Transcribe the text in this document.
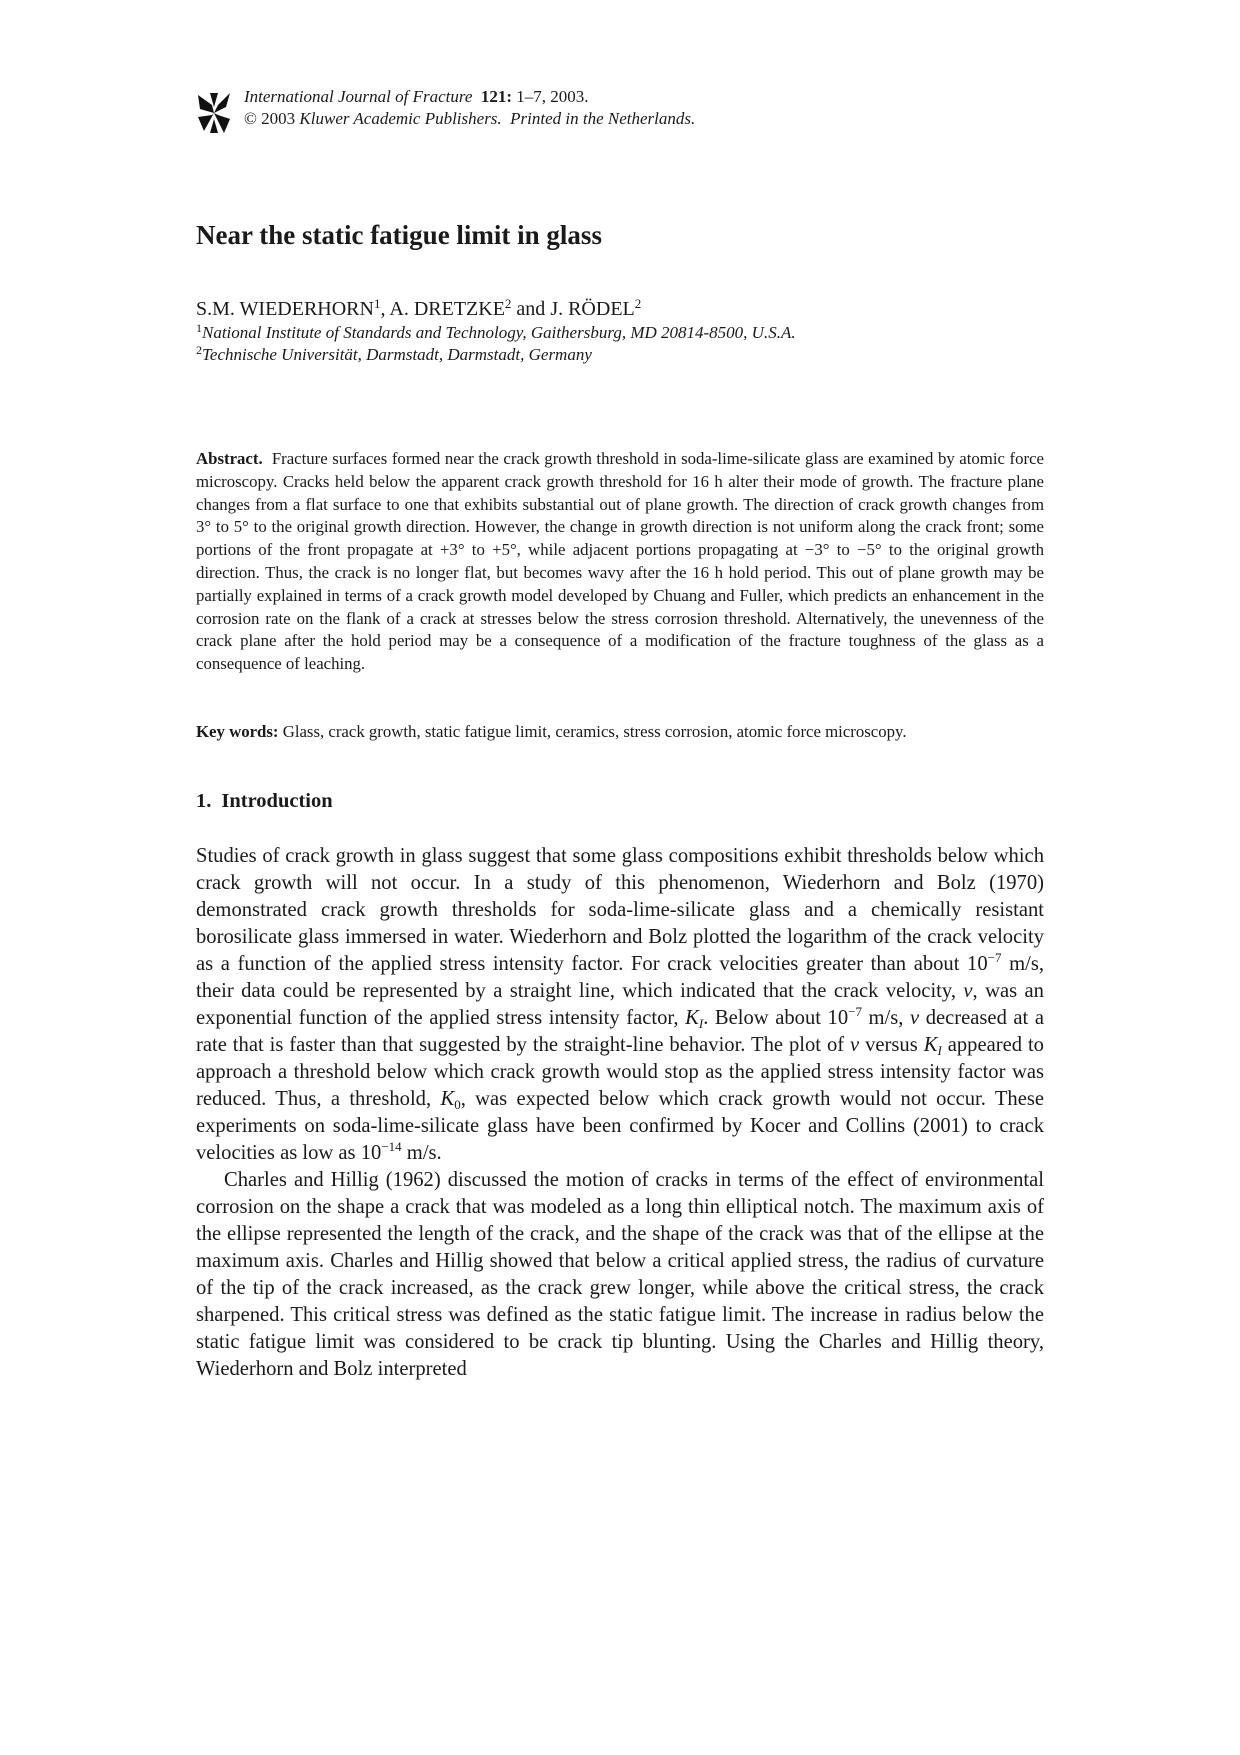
International Journal of Fracture 121: 1–7, 2003.
© 2003 Kluwer Academic Publishers. Printed in the Netherlands.
Near the static fatigue limit in glass
S.M. WIEDERHORN$^1$, A. DRETZKE$^2$ and J. RÖDEL$^2$
$^1$National Institute of Standards and Technology, Gaithersburg, MD 20814-8500, U.S.A.
$^2$Technische Universität, Darmstadt, Darmstadt, Germany

Abstract. Fracture surfaces formed near the crack growth threshold in soda-lime-silicate glass are examined by atomic force microscopy. Cracks held below the apparent crack growth threshold for 16 h alter their mode of growth. The fracture plane changes from a flat surface to one that exhibits substantial out of plane growth. The direction of crack growth changes from 3° to 5° to the original growth direction. However, the change in growth direction is not uniform along the crack front; some portions of the front propagate at +3° to +5°, while adjacent portions propagating at −3° to −5° to the original growth direction. Thus, the crack is no longer flat, but becomes wavy after the 16 h hold period. This out of plane growth may be partially explained in terms of a crack growth model developed by Chuang and Fuller, which predicts an enhancement in the corrosion rate on the flank of a crack at stresses below the stress corrosion threshold. Alternatively, the unevenness of the crack plane after the hold period may be a consequence of a modification of the fracture toughness of the glass as a consequence of leaching.

Key words: Glass, crack growth, static fatigue limit, ceramics, stress corrosion, atomic force microscopy.

1. Introduction

Studies of crack growth in glass suggest that some glass compositions exhibit thresholds below which crack growth will not occur. In a study of this phenomenon, Wiederhorn and Bolz (1970) demonstrated crack growth thresholds for soda-lime-silicate glass and a chemically resistant borosilicate glass immersed in water. Wiederhorn and Bolz plotted the logarithm of the crack velocity as a function of the applied stress intensity factor. For crack velocities greater than about $10^{-7}$ m/s, their data could be represented by a straight line, which indicated that the crack velocity, v, was an exponential function of the applied stress intensity factor, $K_I$. Below about $10^{-7}$ m/s, v decreased at a rate that is faster than that suggested by the straight-line behavior. The plot of v versus $K_I$ appeared to approach a threshold below which crack growth would stop as the applied stress intensity factor was reduced. Thus, a threshold, $K_0$, was expected below which crack growth would not occur. These experiments on soda-lime-silicate glass have been confirmed by Kocer and Collins (2001) to crack velocities as low as $10^{-14}$ m/s.

Charles and Hillig (1962) discussed the motion of cracks in terms of the effect of environmental corrosion on the shape a crack that was modeled as a long thin elliptical notch. The maximum axis of the ellipse represented the length of the crack, and the shape of the crack was that of the ellipse at the maximum axis. Charles and Hillig showed that below a critical applied stress, the radius of curvature of the tip of the crack increased, as the crack grew longer, while above the critical stress, the crack sharpened. This critical stress was defined as the static fatigue limit. The increase in radius below the static fatigue limit was considered to be crack tip blunting. Using the Charles and Hillig theory, Wiederhorn and Bolz interpreted
